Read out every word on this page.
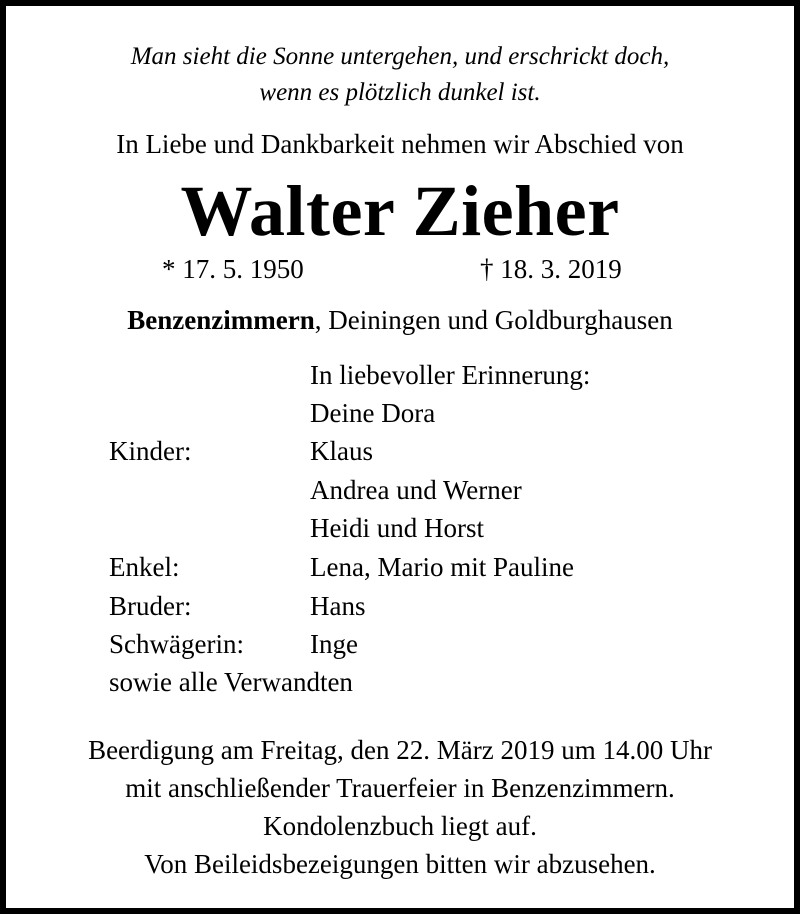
Man sieht die Sonne untergehen, und erschrickt doch,
wenn es plötzlich dunkel ist.
In Liebe und Dankbarkeit nehmen wir Abschied von
Walter Zieher
* 17. 5. 1950	† 18. 3. 2019
Benzenzimmern, Deiningen und Goldburghausen
In liebevoller Erinnerung:
Deine Dora
Kinder:	Klaus
Andrea und Werner
Heidi und Horst
Enkel:	Lena, Mario mit Pauline
Bruder:	Hans
Schwägerin: Inge
sowie alle Verwandten
Beerdigung am Freitag, den 22. März 2019 um 14.00 Uhr
mit anschließender Trauerfeier in Benzenzimmern.
Kondolenzbuch liegt auf.
Von Beileidsbezeigungen bitten wir abzusehen.
